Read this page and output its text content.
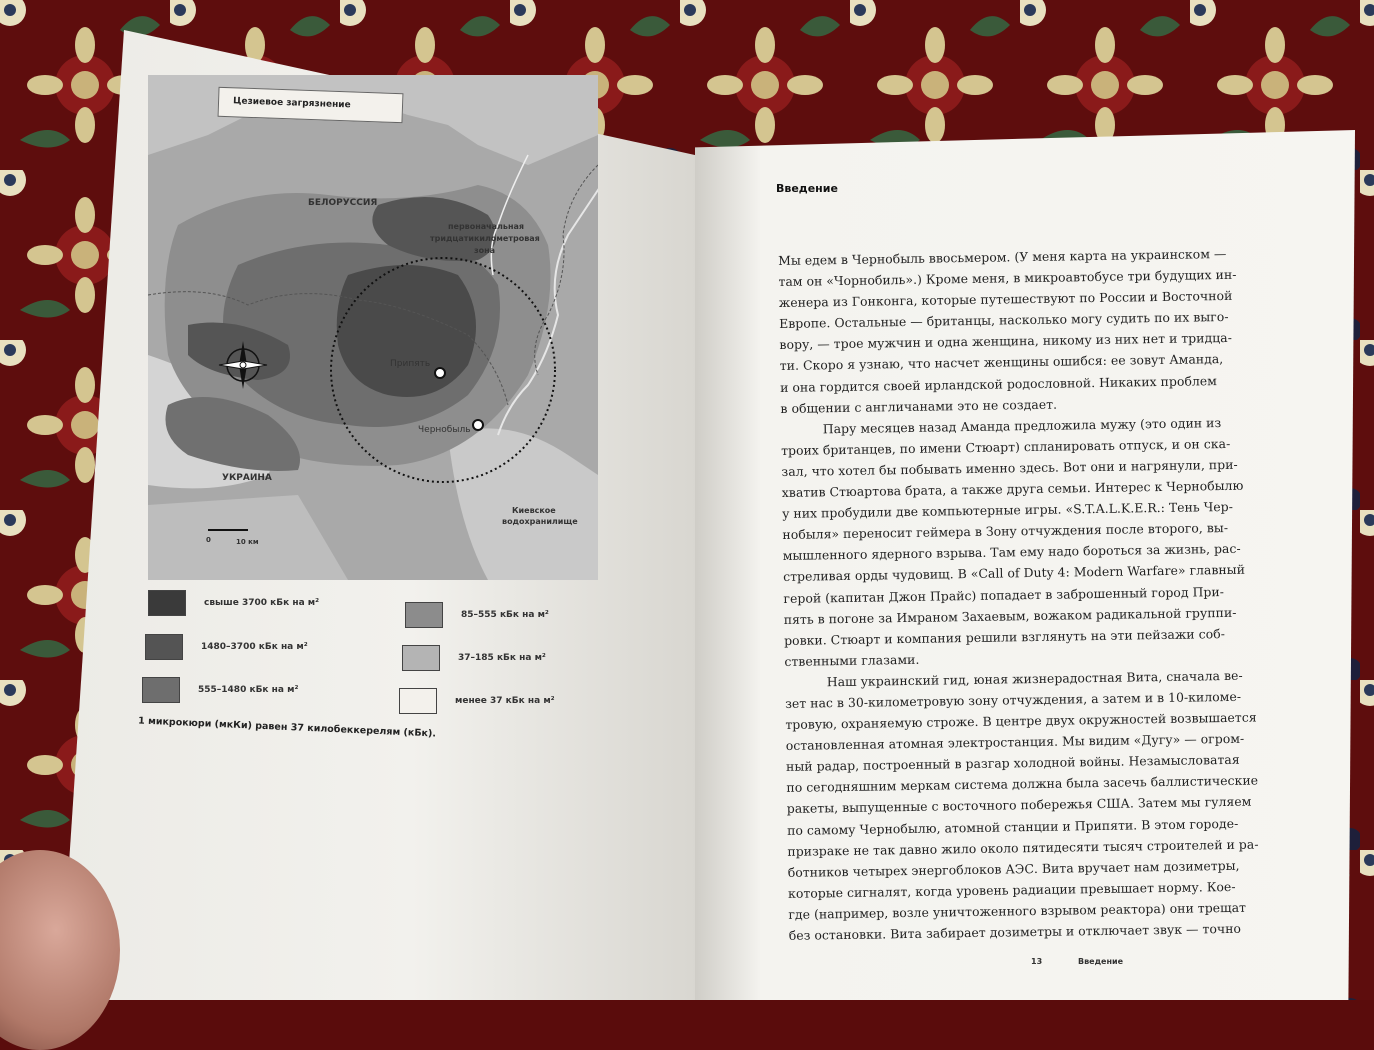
Цезиевое загрязнение
БЕЛОРУССИЯ
первоначальная
тридцатикилометровая
зона
Припять
Чернобыль
УКРАИНА
Киевское
водохранилище
0	10 км
свыше 3700 кБк на м²
1480–3700 кБк на м²
555–1480 кБк на м²
85–555 кБк на м²
37–185 кБк на м²
менее 37 кБк на м²
1 микрокюри (мкКи) равен 37 килобеккерелям (кБк).
Введение
Мы едем в Чернобыль ввосьмером. (У меня карта на украинском —
там он «Чорнобиль».) Кроме меня, в микроавтобусе три будущих ин-
женера из Гонконга, которые путешествуют по России и Восточной
Европе. Остальные — британцы, насколько могу судить по их выго-
вору, — трое мужчин и одна женщина, никому из них нет и тридца-
ти. Скоро я узнаю, что насчет женщины ошибся: ее зовут Аманда,
и она гордится своей ирландской родословной. Никаких проблем
в общении с англичанами это не создает.
Пару месяцев назад Аманда предложила мужу (это один из
троих британцев, по имени Стюарт) спланировать отпуск, и он ска-
зал, что хотел бы побывать именно здесь. Вот они и нагрянули, при-
хватив Стюартова брата, а также друга семьи. Интерес к Чернобылю
у них пробудили две компьютерные игры. «S.T.A.L.K.E.R.: Тень Чер-
нобыля» переносит геймера в Зону отчуждения после второго, вы-
мышленного ядерного взрыва. Там ему надо бороться за жизнь, рас-
стреливая орды чудовищ. В «Call of Duty 4: Modern Warfare» главный
герой (капитан Джон Прайс) попадает в заброшенный город При-
пять в погоне за Имраном Захаевым, вожаком радикальной группи-
ровки. Стюарт и компания решили взглянуть на эти пейзажи соб-
ственными глазами.
Наш украинский гид, юная жизнерадостная Вита, сначала ве-
зет нас в 30-километровую зону отчуждения, а затем и в 10-киломе-
тровую, охраняемую строже. В центре двух окружностей возвышается
остановленная атомная электростанция. Мы видим «Дугу» — огром-
ный радар, построенный в разгар холодной войны. Незамысловатая
по сегодняшним меркам система должна была засечь баллистические
ракеты, выпущенные с восточного побережья США. Затем мы гуляем
по самому Чернобылю, атомной станции и Припяти. В этом городе-
призраке не так давно жило около пятидесяти тысяч строителей и ра-
ботников четырех энергоблоков АЭС. Вита вручает нам дозиметры,
которые сигналят, когда уровень радиации превышает норму. Кое-
где (например, возле уничтоженного взрывом реактора) они трещат
без остановки. Вита забирает дозиметры и отключает звук — точно
13	Введение
